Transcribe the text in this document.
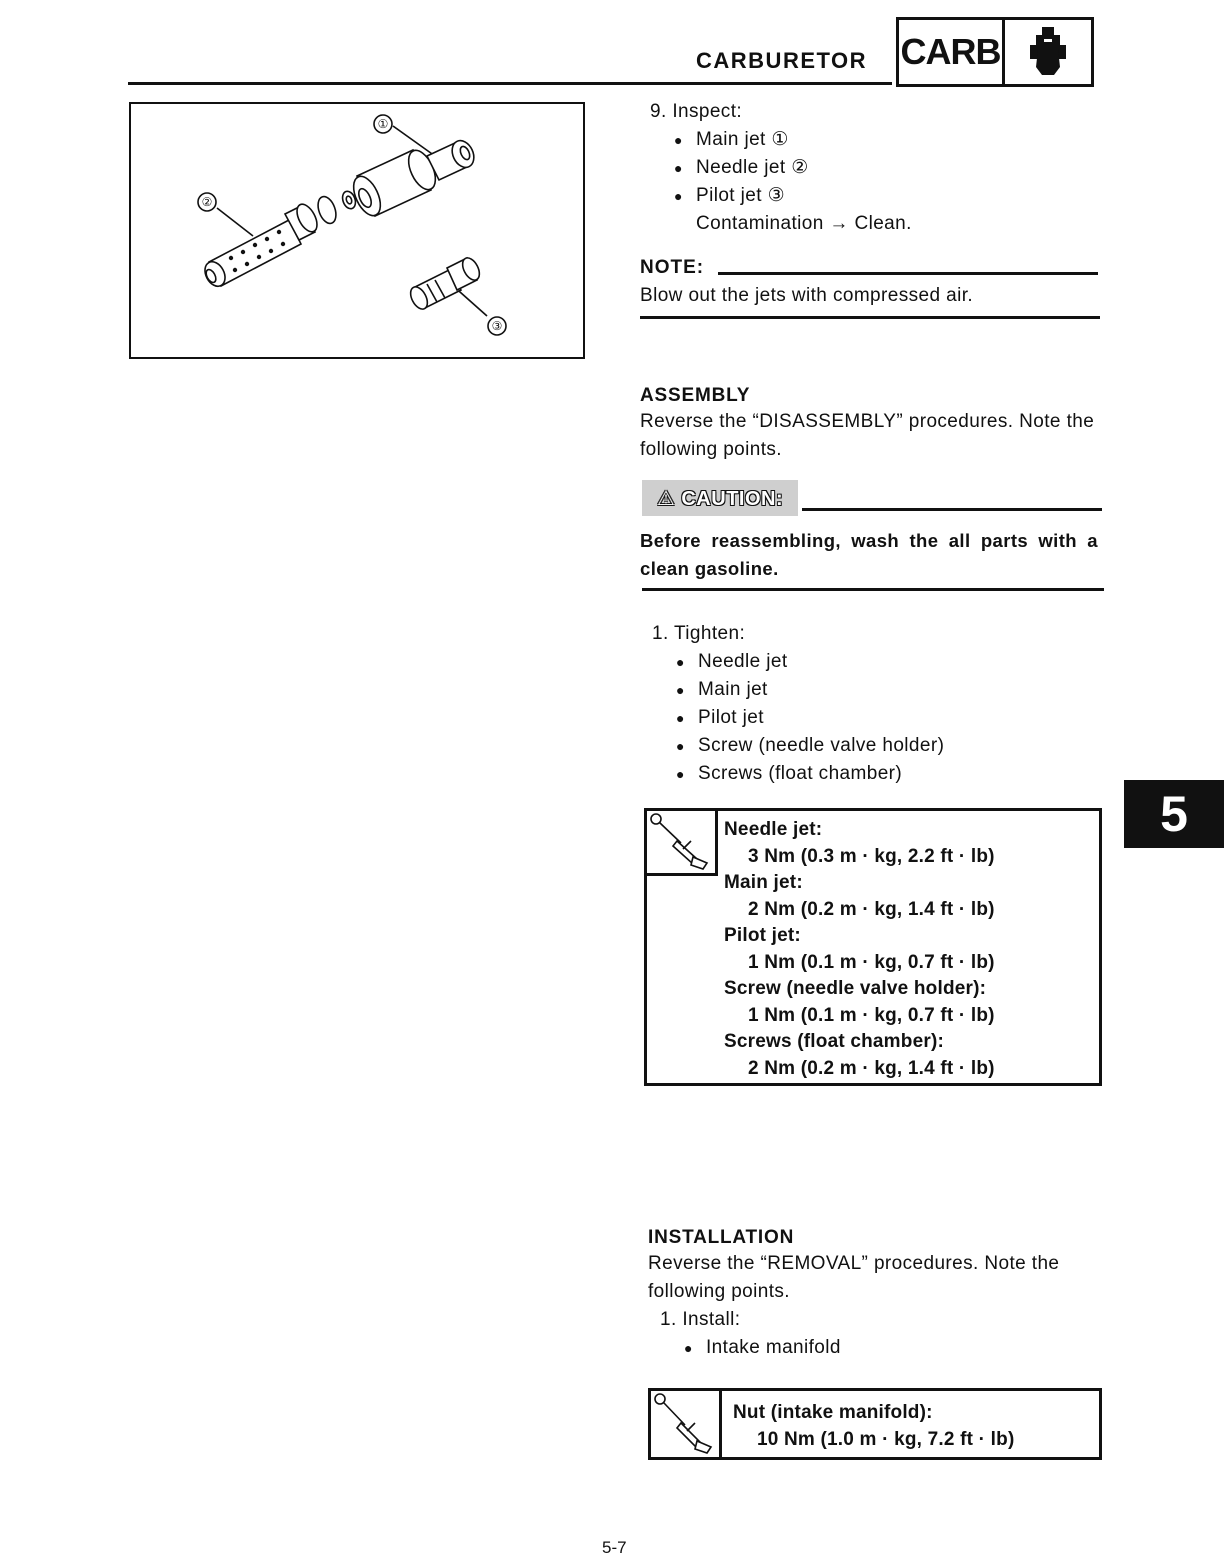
CARBURETOR CARB
①
②
③
9. Inspect:
● Main jet ①
● Needle jet ②
● Pilot jet ③
Contamination → Clean.
NOTE:
Blow out the jets with compressed air.
ASSEMBLY
Reverse the “DISASSEMBLY” procedures. Note the following points.
⚠ CAUTION:
Before reassembling, wash the all parts with a clean gasoline.
1. Tighten:
● Needle jet
● Main jet
● Pilot jet
● Screw (needle valve holder)
● Screws (float chamber)
Needle jet:
3 Nm (0.3 m · kg, 2.2 ft · lb)
Main jet:
2 Nm (0.2 m · kg, 1.4 ft · lb)
Pilot jet:
1 Nm (0.1 m · kg, 0.7 ft · lb)
Screw (needle valve holder):
1 Nm (0.1 m · kg, 0.7 ft · lb)
Screws (float chamber):
2 Nm (0.2 m · kg, 1.4 ft · lb)
5
INSTALLATION
Reverse the “REMOVAL” procedures. Note the following points.
1. Install:
● Intake manifold
Nut (intake manifold):
10 Nm (1.0 m · kg, 7.2 ft · lb)
5-7
